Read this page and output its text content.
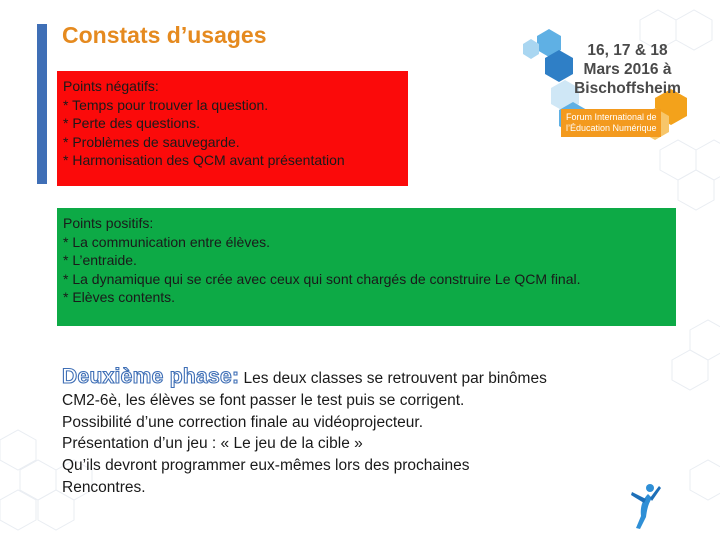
Constats d’usages
16, 17 & 18
Mars 2016 à
Bischoffsheim
Forum International de
l’Éducation Numérique
Points négatifs:
* Temps pour trouver la question.
* Perte des questions.
* Problèmes de sauvegarde.
* Harmonisation des QCM avant présentation
Points positifs:
* La communication entre élèves.
* L’entraide.
* La dynamique qui se crée avec ceux qui sont chargés de construire Le QCM final.
* Elèves contents.
Deuxième phase: Les deux classes se retrouvent par binômes
CM2-6è, les élèves se font passer le test puis se corrigent.
Possibilité d’une correction finale au vidéoprojecteur.
Présentation d’un jeu : « Le jeu de la cible »
Qu’ils devront programmer eux-mêmes lors des prochaines
Rencontres.
